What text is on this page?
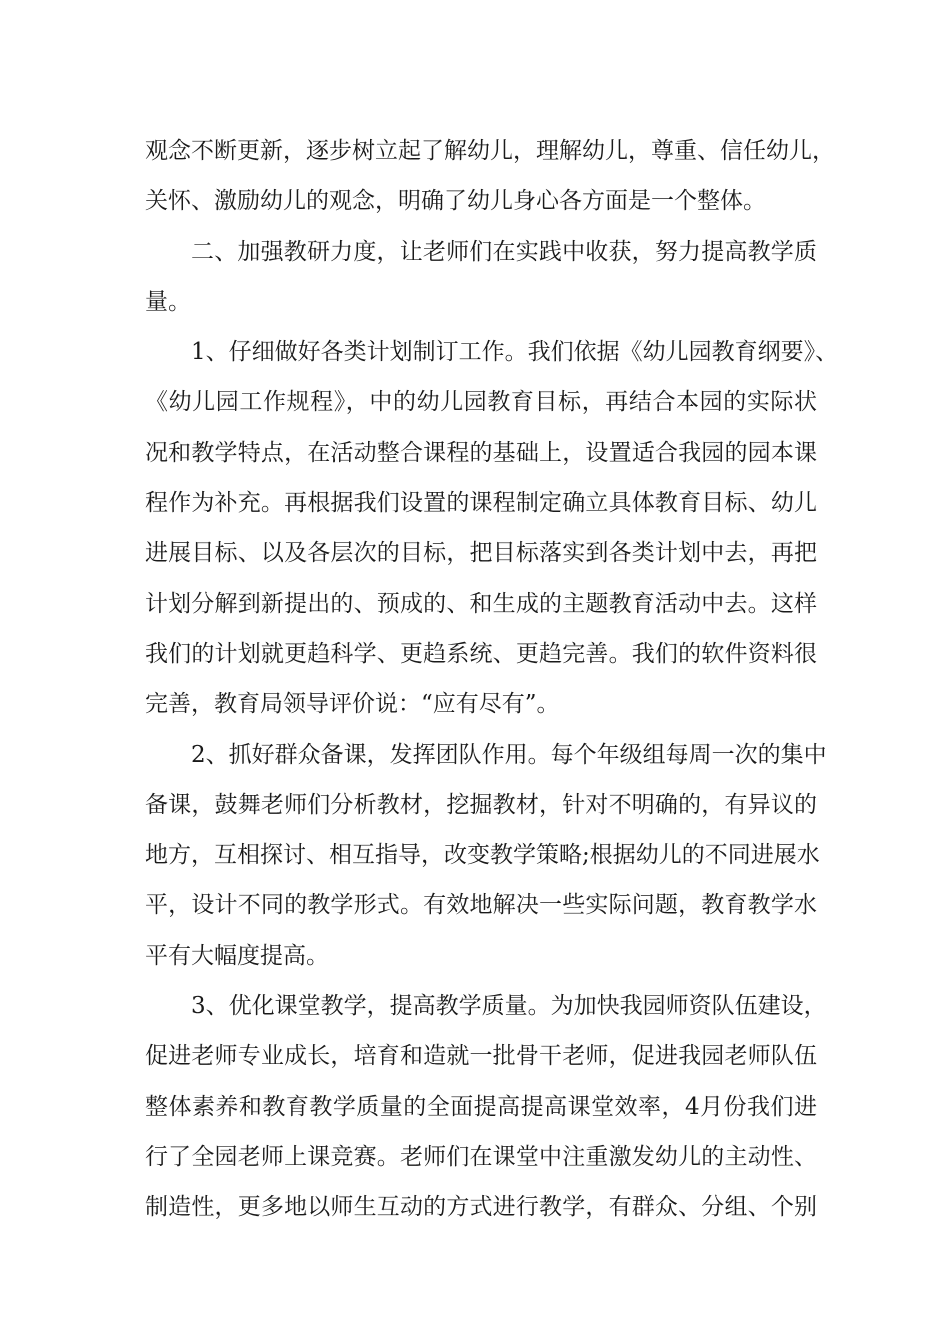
观念不断更新，逐步树立起了解幼儿，理解幼儿，尊重、信任幼儿，
关怀、激励幼儿的观念，明确了幼儿身心各方面是一个整体。
二、加强教研力度，让老师们在实践中收获，努力提高教学质
量。
1、仔细做好各类计划制订工作。我们依据《幼儿园教育纲要》、
《幼儿园工作规程》，中的幼儿园教育目标，再结合本园的实际状
况和教学特点，在活动整合课程的基础上，设置适合我园的园本课
程作为补充。再根据我们设置的课程制定确立具体教育目标、幼儿
进展目标、以及各层次的目标，把目标落实到各类计划中去，再把
计划分解到新提出的、预成的、和生成的主题教育活动中去。这样
我们的计划就更趋科学、更趋系统、更趋完善。我们的软件资料很
完善，教育局领导评价说：“应有尽有”。
2、抓好群众备课，发挥团队作用。每个年级组每周一次的集中
备课，鼓舞老师们分析教材，挖掘教材，针对不明确的，有异议的
地方，互相探讨、相互指导，改变教学策略;根据幼儿的不同进展水
平，设计不同的教学形式。有效地解决一些实际问题，教育教学水
平有大幅度提高。
3、优化课堂教学，提高教学质量。为加快我园师资队伍建设，
促进老师专业成长，培育和造就一批骨干老师，促进我园老师队伍
整体素养和教育教学质量的全面提高提高课堂效率，4月份我们进
行了全园老师上课竞赛。老师们在课堂中注重激发幼儿的主动性、
制造性，更多地以师生互动的方式进行教学，有群众、分组、个别
